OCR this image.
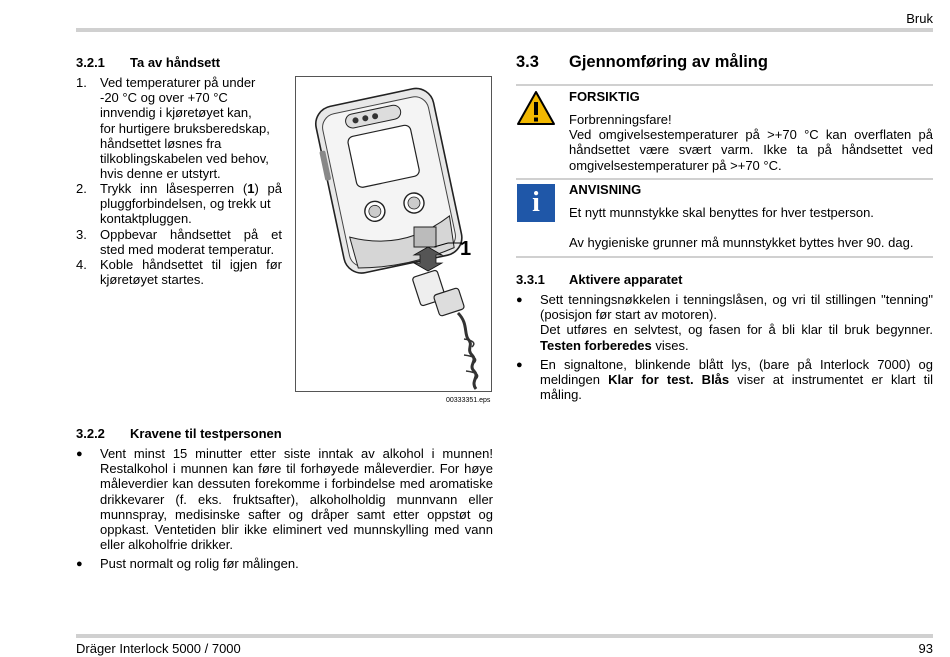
Bruk
3.2.1 Ta av håndsett
1. Ved temperaturer på under
-20 °C og over +70 °C
innvendig i kjøretøyet kan,
for hurtigere bruksberedskap,
håndsettet løsnes fra
tilkoblingskabelen ved behov,
hvis denne er utstyrt.
2. Trykk inn låsesperren (1) på
pluggforbindelsen, og trekk ut
kontaktpluggen.
3. Oppbevar håndsettet på et
sted med moderat temperatur.
4. Koble håndsettet til igjen før
kjøretøyet startes.
1
00333351.eps
3.2.2 Kravene til testpersonen
● Vent minst 15 minutter etter siste inntak av alkohol i munnen!
Restalkohol i munnen kan føre til forhøyede måleverdier. For høye
måleverdier kan dessuten forekomme i forbindelse med aromatiske
drikkevarer (f. eks. fruktsafter), alkoholholdig munnvann eller
munnspray, medisinske safter og dråper samt etter oppstøt og
oppkast. Ventetiden blir ikke eliminert ved munnskylling med vann
eller alkoholfrie drikker.
● Pust normalt og rolig før målingen.
3.3 Gjennomføring av måling
FORSIKTIG
Forbrenningsfare!
Ved omgivelsestemperaturer på >+70 °C kan overflaten på
håndsettet være svært varm. Ikke ta på håndsettet ved
omgivelsestemperaturer på >+70 °C.
i	ANVISNING
Et nytt munnstykke skal benyttes for hver testperson.
Av hygieniske grunner må munnstykket byttes hver 90. dag.
3.3.1 Aktivere apparatet
● Sett tenningsnøkkelen i tenningslåsen, og vri til stillingen "tenning"
(posisjon før start av motoren).
Det utføres en selvtest, og fasen for å bli klar til bruk begynner.
Testen forberedes vises.
● En signaltone, blinkende blått lys, (bare på Interlock 7000) og
meldingen Klar for test. Blås viser at instrumentet er klart til
måling.
Dräger Interlock 5000 / 7000	93
